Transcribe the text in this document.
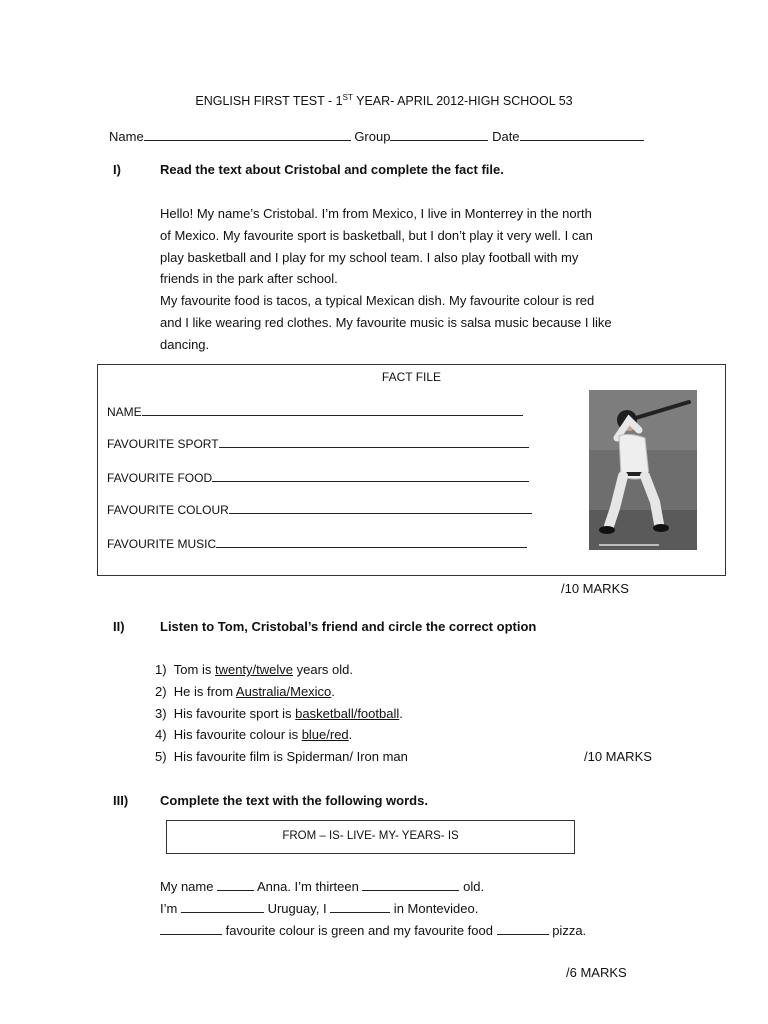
ENGLISH FIRST TEST - 1ST YEAR- APRIL 2012-HIGH SCHOOL 53
Name	Group	Date
I)	Read the text about Cristobal and complete the fact file.
Hello! My name’s Cristobal. I’m from Mexico, I live in Monterrey in the north
of Mexico. My favourite sport is basketball, but I don’t play it very well. I can
play basketball and I play for my school team. I also play football with my
friends in the park after school.
My favourite food is tacos, a typical Mexican dish. My favourite colour is red
and I like wearing red clothes. My favourite music is salsa music because I like
dancing.
FACT FILE
NAME
FAVOURITE SPORT
FAVOURITE FOOD
FAVOURITE COLOUR
FAVOURITE MUSIC
/10 MARKS
II)	Listen to Tom, Cristobal’s friend and circle the correct option
1) Tom is twenty/twelve years old.
2) He is from Australia/Mexico.
3) His favourite sport is basketball/football.
4) His favourite colour is blue/red.
5) His favourite film is Spiderman/ Iron man	/10 MARKS
III) Complete the text with the following words.
FROM – IS- LIVE- MY- YEARS- IS
My name	Anna. I’m thirteen	old.
I’m	Uruguay, I	in Montevideo.
favourite colour is green and my favourite food	pizza.
/6 MARKS
